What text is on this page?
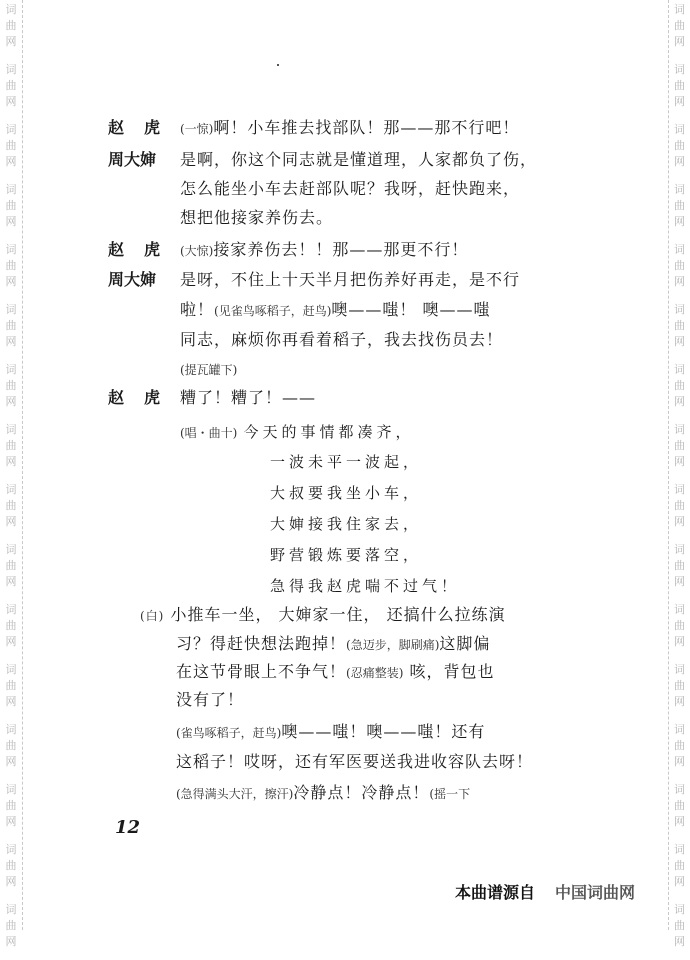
词
曲
网
词
曲
网
词
曲
网
词
曲
网
词
曲
网
词
曲
网
词
曲
网
词
曲
网
词
曲
网
词
曲
网
词
曲
网
词
曲
网
词
曲
网
词
曲
网
词
曲
网
词
曲
网
词
曲
网
词
曲
网
词
曲
网
词
曲
网
词
曲
网
词
曲
网
词
曲
网
词
曲
网
词
曲
网
词
曲
网
词
曲
网
词
曲
网
词
曲
网
词
曲
网
词
曲
网
词
曲
网
赵 虎 (一惊)啊！小车推去找部队！那——那不行吧！
周大婶 是啊，你这个同志就是懂道理，人家都负了伤，
怎么能坐小车去赶部队呢？我呀，赶快跑来，
想把他接家养伤去。
赵 虎 (大惊)接家养伤去！！那——那更不行！
周大婶 是呀，不住上十天半月把伤养好再走，是不行
啦！(见雀鸟啄稻子，赶鸟)噢——嗤！ 噢——嗤
同志，麻烦你再看着稻子，我去找伤员去！
(提瓦罐下)
赵 虎 糟了！糟了！——
(唱・曲十) 今天的事情都凑齐，
一波未平一波起，
大叔要我坐小车，
大婶接我住家去，
野营锻炼要落空，
急得我赵虎喘不过气！
(白) 小推车一坐， 大婶家一住， 还搞什么拉练演
习？得赶快想法跑掉！(急迈步，脚刷痛)这脚偏
在这节骨眼上不争气！(忍痛整装) 咳，背包也
没有了！
(雀鸟啄稻子，赶鸟)噢——嗤！噢——嗤！还有
这稻子！哎呀，还有军医要送我进收容队去呀！
(急得满头大汗，擦汗)冷静点！冷静点！(摇一下
12
本曲谱源自 中国词曲网
